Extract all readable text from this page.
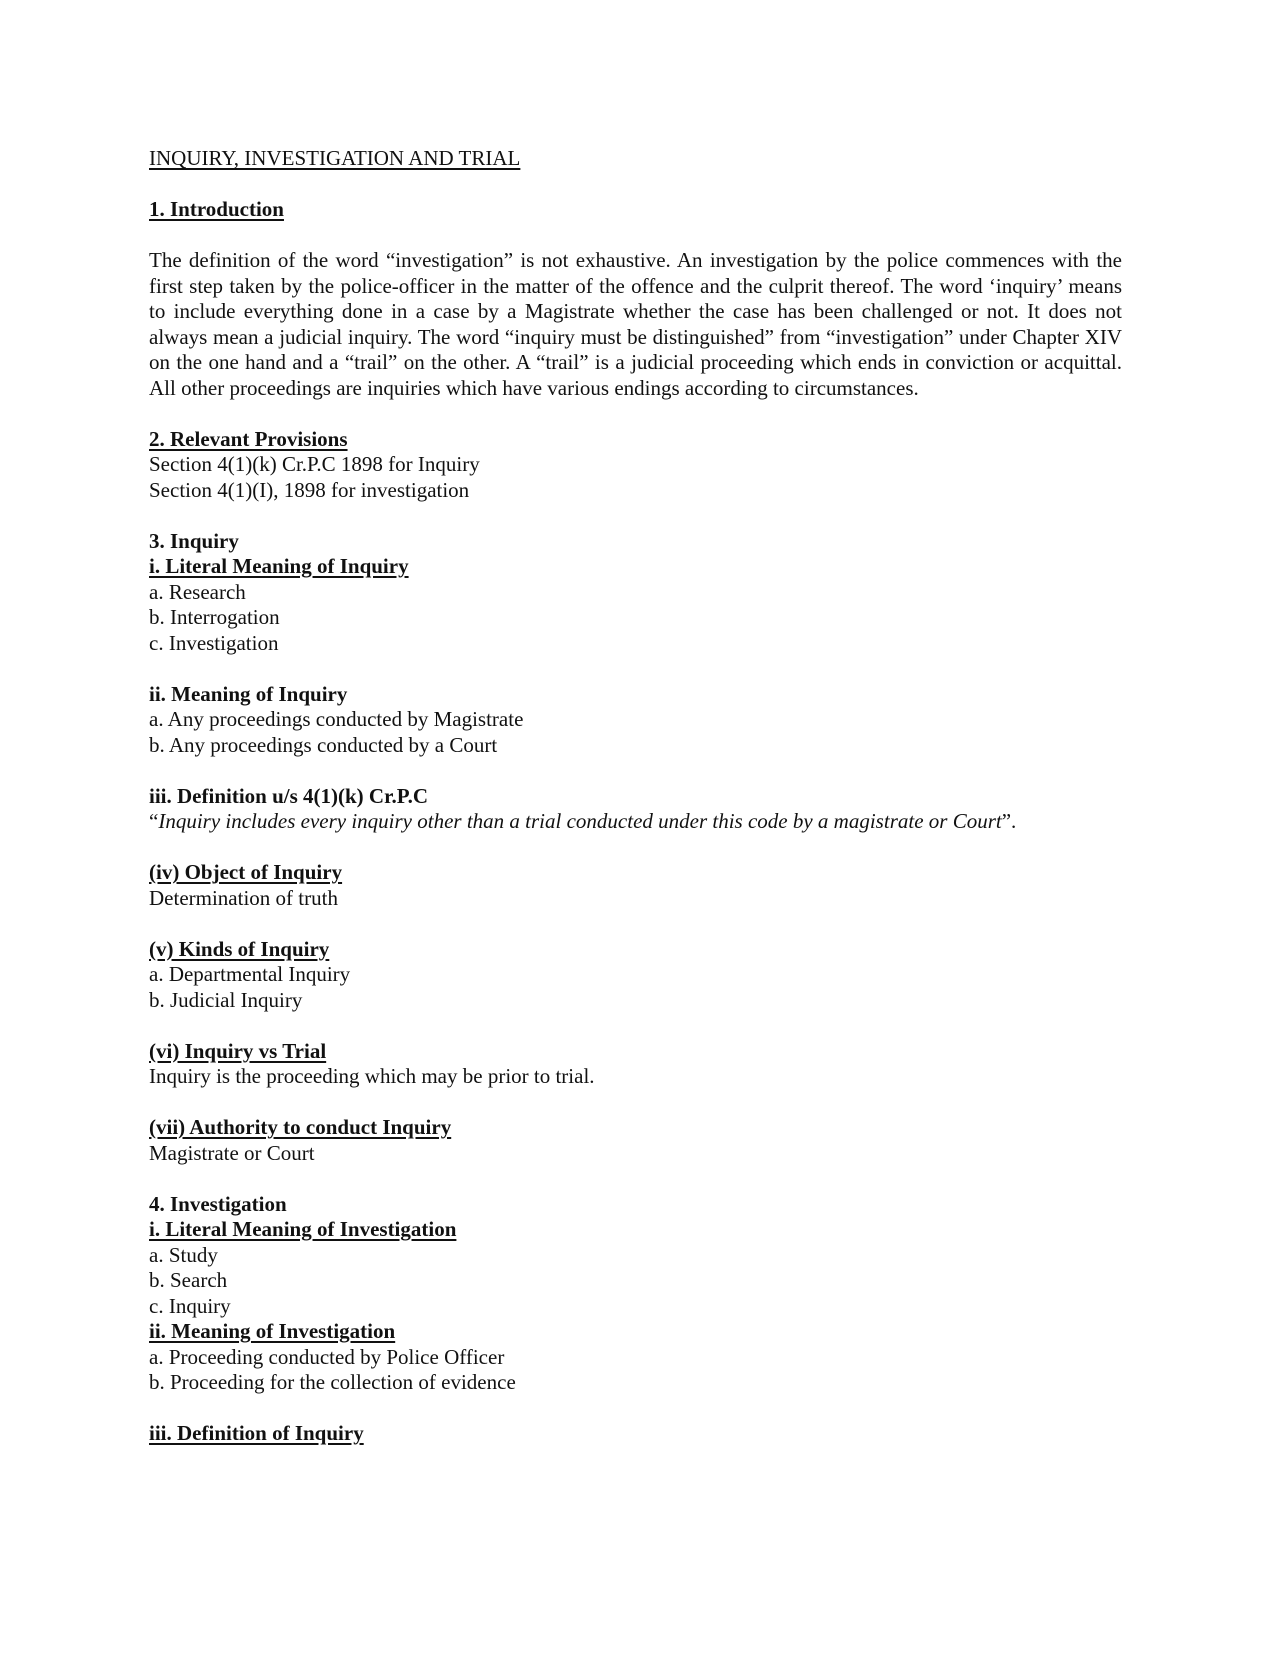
INQUIRY, INVESTIGATION AND TRIAL

1. Introduction

The definition of the word “investigation” is not exhaustive. An investigation by the police commences with the first step taken by the police-officer in the matter of the offence and the culprit thereof. The word ‘inquiry’ means to include everything done in a case by a Magistrate whether the case has been challenged or not. It does not always mean a judicial inquiry. The word “inquiry must be distinguished” from “investigation” under Chapter XIV on the one hand and a “trail” on the other. A “trail” is a judicial proceeding which ends in conviction or acquittal. All other proceedings are inquiries which have various endings according to circumstances.

2. Relevant Provisions

Section 4(1)(k) Cr.P.C 1898 for Inquiry

Section 4(1)(I), 1898 for investigation

3. Inquiry

i. Literal Meaning of Inquiry

a. Research

b. Interrogation

c. Investigation

ii. Meaning of Inquiry

a. Any proceedings conducted by Magistrate

b. Any proceedings conducted by a Court

iii. Definition u/s 4(1)(k) Cr.P.C

“Inquiry includes every inquiry other than a trial conducted under this code by a magistrate or Court”.

(iv) Object of Inquiry

Determination of truth

(v) Kinds of Inquiry

a. Departmental Inquiry

b. Judicial Inquiry

(vi) Inquiry vs Trial

Inquiry is the proceeding which may be prior to trial.

(vii) Authority to conduct Inquiry

Magistrate or Court

4. Investigation

i. Literal Meaning of Investigation

a. Study

b. Search

c. Inquiry

ii. Meaning of Investigation

a. Proceeding conducted by Police Officer

b. Proceeding for the collection of evidence

iii. Definition of Inquiry
